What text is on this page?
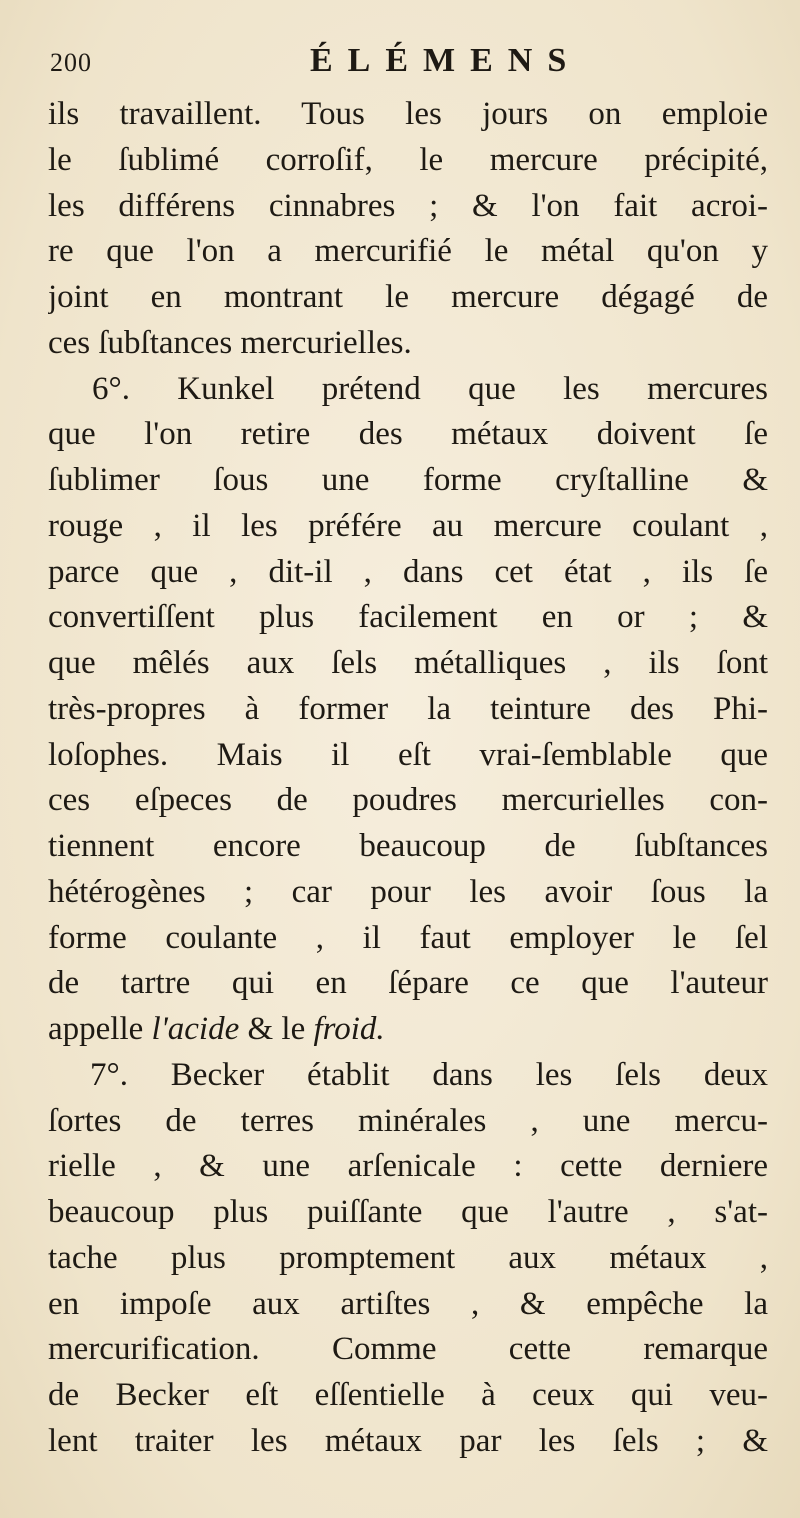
200	ÉLÉMENS
ils travaillent. Tous les jours on emploie
le ſublimé corroſif, le mercure précipité,
les différens cinnabres ; & l'on fait acroi-
re que l'on a mercurifié le métal qu'on y
joint en montrant le mercure dégagé de
ces ſubſtances mercurielles.
6°. Kunkel prétend que les mercures
que l'on retire des métaux doivent ſe
ſublimer ſous une forme cryſtalline &
rouge , il les préfére au mercure coulant ,
parce que , dit-il , dans cet état , ils ſe
convertiſſent plus facilement en or ; &
que mêlés aux ſels métalliques , ils ſont
très-propres à former la teinture des Phi-
loſophes. Mais il eſt vrai-ſemblable que
ces eſpeces de poudres mercurielles con-
tiennent encore beaucoup de ſubſtances
hétérogènes ; car pour les avoir ſous la
forme coulante , il faut employer le ſel
de tartre qui en ſépare ce que l'auteur
appelle l'acide & le froid.
7°. Becker établit dans les ſels deux
ſortes de terres minérales , une mercu-
rielle , & une arſenicale : cette derniere
beaucoup plus puiſſante que l'autre , s'at-
tache plus promptement aux métaux ,
en impoſe aux artiſtes , & empêche la
mercurification. Comme cette remarque
de Becker eſt eſſentielle à ceux qui veu-
lent traiter les métaux par les ſels ; &
